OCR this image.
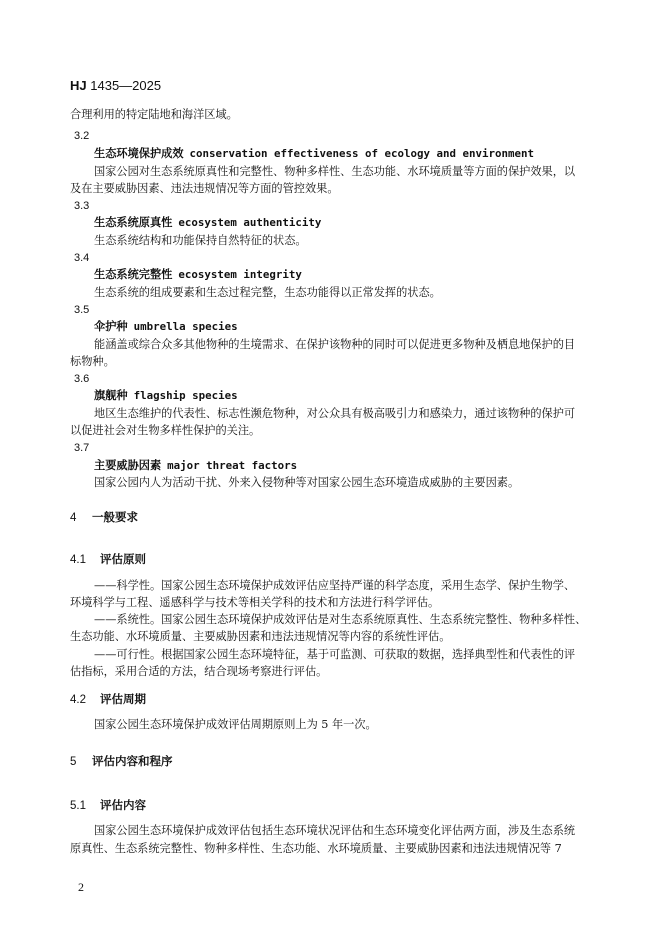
HJ 1435—2025
合理利用的特定陆地和海洋区域。
3.2
生态环境保护成效 conservation effectiveness of ecology and environment
国家公园对生态系统原真性和完整性、物种多样性、生态功能、水环境质量等方面的保护效果，以
及在主要威胁因素、违法违规情况等方面的管控效果。
3.3
生态系统原真性 ecosystem authenticity
生态系统结构和功能保持自然特征的状态。
3.4
生态系统完整性 ecosystem integrity
生态系统的组成要素和生态过程完整，生态功能得以正常发挥的状态。
3.5
伞护种 umbrella species
能涵盖或综合众多其他物种的生境需求、在保护该物种的同时可以促进更多物种及栖息地保护的目
标物种。
3.6
旗舰种 flagship species
地区生态维护的代表性、标志性濒危物种，对公众具有极高吸引力和感染力，通过该物种的保护可
以促进社会对生物多样性保护的关注。
3.7
主要威胁因素 major threat factors
国家公园内人为活动干扰、外来入侵物种等对国家公园生态环境造成威胁的主要因素。
4 一般要求
4.1 评估原则
——科学性。国家公园生态环境保护成效评估应坚持严谨的科学态度，采用生态学、保护生物学、
环境科学与工程、遥感科学与技术等相关学科的技术和方法进行科学评估。
——系统性。国家公园生态环境保护成效评估是对生态系统原真性、生态系统完整性、物种多样性、
生态功能、水环境质量、主要威胁因素和违法违规情况等内容的系统性评估。
——可行性。根据国家公园生态环境特征，基于可监测、可获取的数据，选择典型性和代表性的评
估指标，采用合适的方法，结合现场考察进行评估。
4.2 评估周期
国家公园生态环境保护成效评估周期原则上为 5 年一次。
5 评估内容和程序
5.1 评估内容
国家公园生态环境保护成效评估包括生态环境状况评估和生态环境变化评估两方面，涉及生态系统
原真性、生态系统完整性、物种多样性、生态功能、水环境质量、主要威胁因素和违法违规情况等 7
2
